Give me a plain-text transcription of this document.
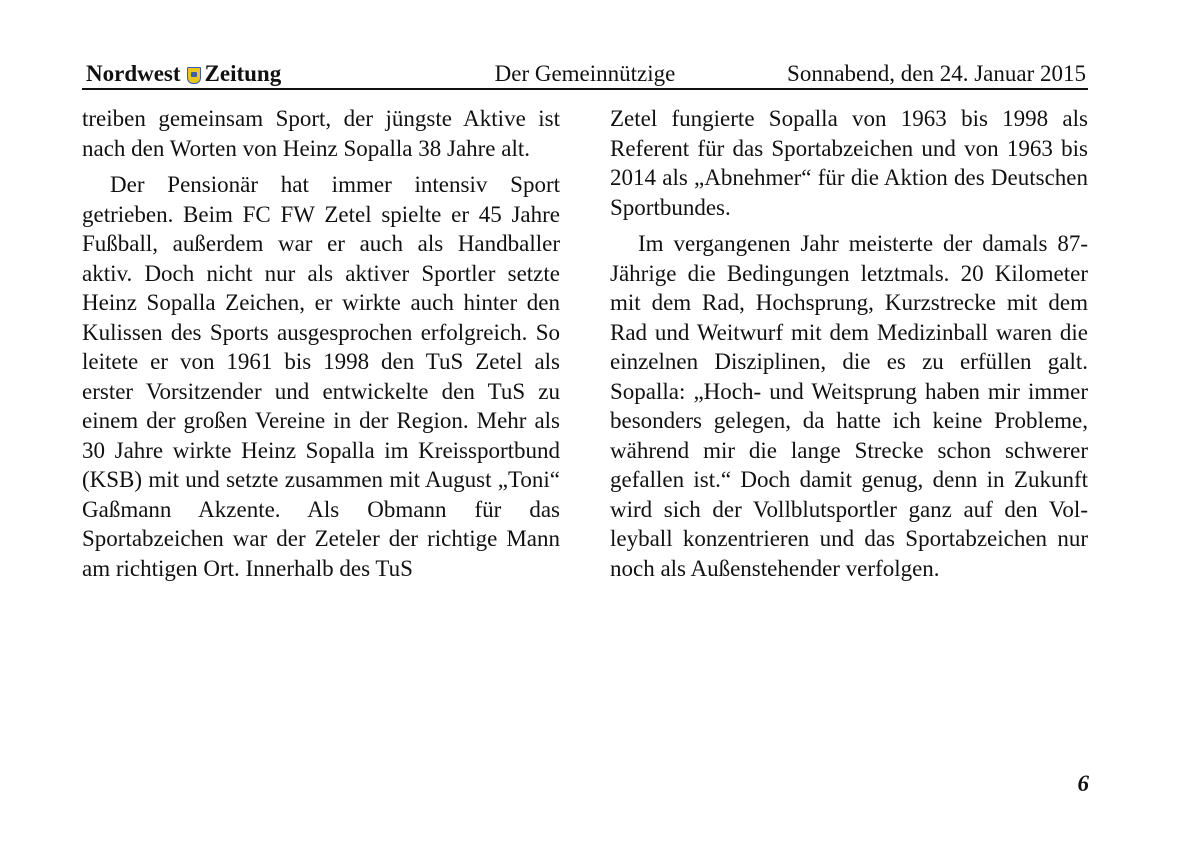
Nordwest Zeitung	Der Gemeinnützige	Sonnabend, den 24. Januar 2015

treiben gemeinsam Sport, der jüngste Aktive ist nach den Worten von Heinz Sopalla 38 Jahre alt.

Der Pensionär hat immer intensiv Sport getrieben. Beim FC FW Zetel spielte er 45 Jahre Fußball, außerdem war er auch als Handballer aktiv. Doch nicht nur als aktiver Sportler setzte Heinz Sopalla Zeichen, er wirkte auch hinter den Kulissen des Sports ausgesprochen erfolgreich. So leitete er von 1961 bis 1998 den TuS Zetel als erster Vorsitzender und entwickelte den TuS zu einem der großen Vereine in der Region. Mehr als 30 Jahre wirkte Heinz Sopalla im Kreissportbund (KSB) mit und setzte zusammen mit August „Toni“ Gaßmann Akzente. Als Obmann für das Sportabzeichen war der Zeteler der richtige Mann am richtigen Ort. Innerhalb des TuS

Zetel fungierte Sopalla von 1963 bis 1998 als Referent für das Sportabzeichen und von 1963 bis 2014 als „Abnehmer“ für die Aktion des Deutschen Sportbundes.

Im vergangenen Jahr meisterte der damals 87-Jährige die Bedingungen letztmals. 20 Kilometer mit dem Rad, Hochsprung, Kurzstrecke mit dem Rad und Weitwurf mit dem Medizinball waren die einzelnen Disziplinen, die es zu erfüllen galt. Sopalla: „Hoch- und Weitsprung haben mir immer besonders gelegen, da hatte ich keine Probleme, während mir die lange Strecke schon schwerer gefallen ist.“ Doch damit genug, denn in Zukunft wird sich der Vollblutsportler ganz auf den Volleyball konzentrieren und das Sportabzeichen nur noch als Außenstehender verfolgen.

6
